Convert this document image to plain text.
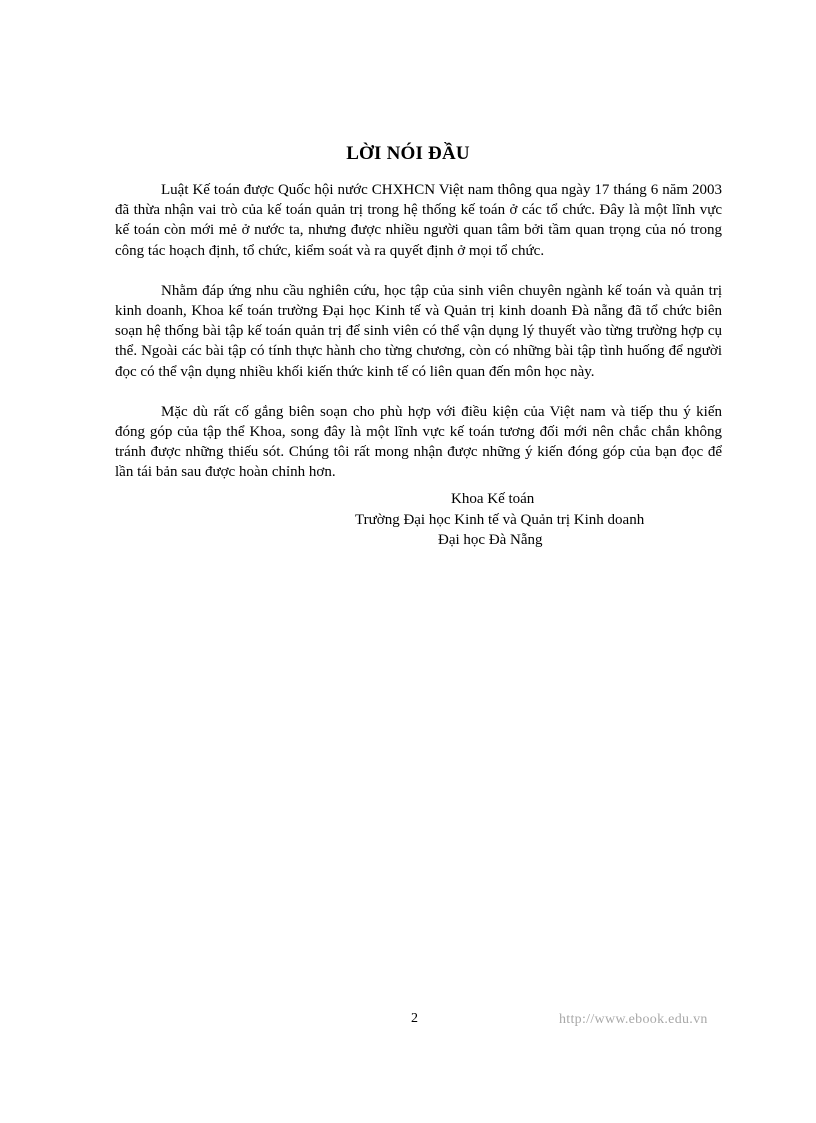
LỜI NÓI ĐẦU

Luật Kế toán được Quốc hội nước CHXHCN Việt nam thông qua ngày 17 tháng 6 năm 2003 đã thừa nhận vai trò của kế toán quản trị trong hệ thống kế toán ở các tổ chức. Đây là một lĩnh vực kế toán còn mới mẻ ở nước ta, nhưng được nhiều người quan tâm bởi tầm quan trọng của nó trong công tác hoạch định, tổ chức, kiểm soát và ra quyết định ở mọi tổ chức.

Nhằm đáp ứng nhu cầu nghiên cứu, học tập của sinh viên chuyên ngành kế toán và quản trị kinh doanh, Khoa kế toán trường Đại học Kinh tế và Quản trị kinh doanh Đà nẵng đã tổ chức biên soạn hệ thống bài tập kế toán quản trị để sinh viên có thể vận dụng lý thuyết vào từng trường hợp cụ thể. Ngoài các bài tập có tính thực hành cho từng chương, còn có những bài tập tình huống để người đọc có thể vận dụng nhiều khối kiến thức kinh tế có liên quan đến môn học này.

Mặc dù rất cố gắng biên soạn cho phù hợp với điều kiện của Việt nam và tiếp thu ý kiến đóng góp của tập thể Khoa, song đây là một lĩnh vực kế toán tương đối mới nên chắc chắn không tránh được những thiếu sót. Chúng tôi rất mong nhận được những ý kiến đóng góp của bạn đọc để lần tái bản sau được hoàn chỉnh hơn.

Khoa Kế toán
Trường Đại học Kinh tế và Quản trị Kinh doanh
Đại học Đà Nẵng
2	http://www.ebook.edu.vn
